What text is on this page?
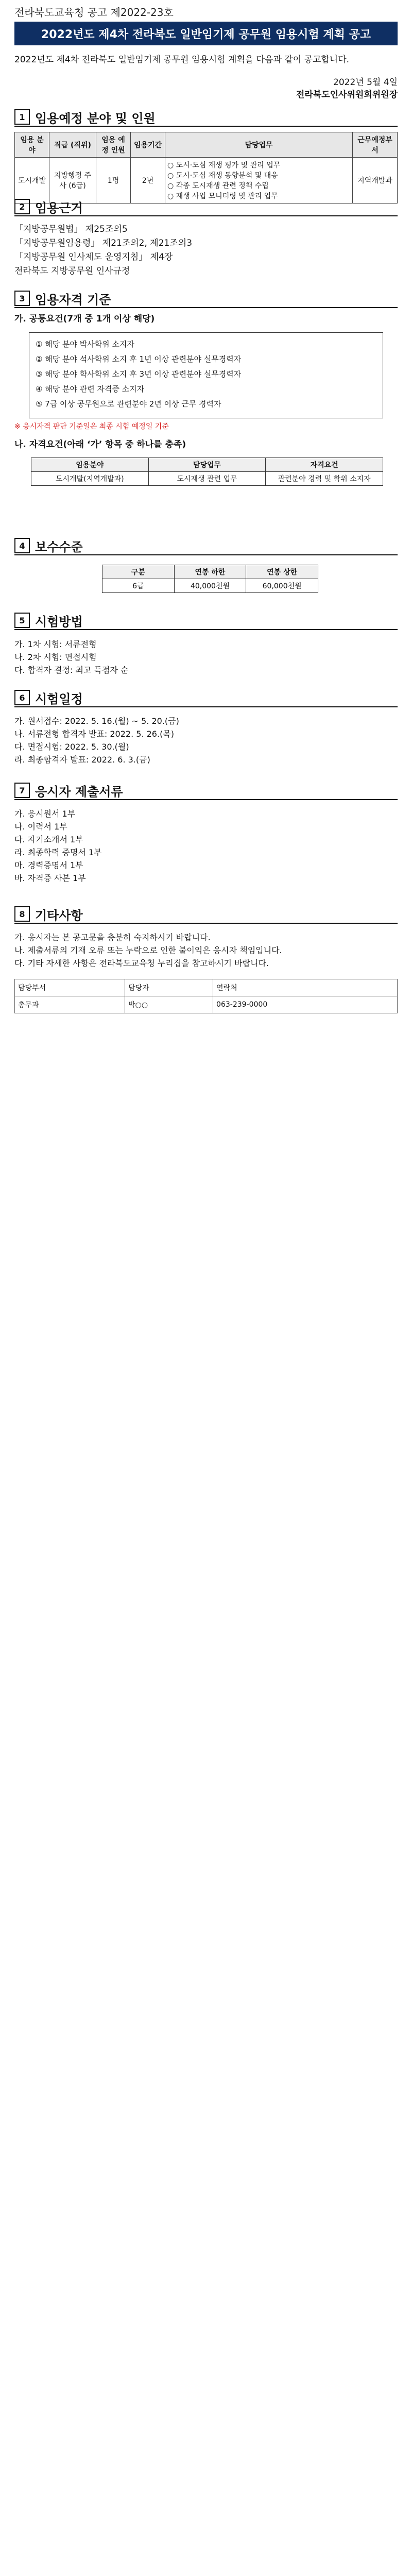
전라북도교육청 공고 제2022-23호
2022년도 제4차 전라북도 일반임기제 공무원 임용시험 계획 공고
2022년도 제4차 전라북도 일반임기제 공무원 임용시험 계획을 다음과 같이 공고합니다.
2022년 5월 4일
전라북도인사위원회위원장
1 임용예정 분야 및 인원
임용 분야	직급 (직위)	임용 예정 인원	임용기간	담당업무	근무예정부서
도시개발	지방행정 주사 (6급)	1명	2년	○ 도시·도심 재생 평가 및 관리 업무
○ 도시·도심 재생 동향분석 및 대응
○ 각종 도시재생 관련 정책 수립
○ 재생 사업 모니터링 및 관리 업무	지역개발과
2 임용근거
「지방공무원법」 제25조의5
「지방공무원임용령」 제21조의2, 제21조의3
「지방공무원 인사제도 운영지침」 제4장
전라북도 지방공무원 인사규정
3 임용자격 기준
가. 공통요건(7개 중 1개 이상 해당)
① 해당 분야 박사학위 소지자
② 해당 분야 석사학위 소지 후 1년 이상 관련분야 실무경력자
③ 해당 분야 학사학위 소지 후 3년 이상 관련분야 실무경력자
④ 해당 분야 관련 자격증 소지자
⑤ 7급 이상 공무원으로 관련분야 2년 이상 근무 경력자
※ 응시자격 판단 기준일은 최종 시험 예정일 기준
나. 자격요건(아래 ‘가’ 항목 중 하나를 충족)
임용분야	담당업무	자격요건
도시개발(지역개발과)	도시재생 관련 업무	관련분야 경력 및 학위 소지자
4 보수수준
구분	연봉 하한	연봉 상한
6급	40,000천원	60,000천원
5 시험방법
가. 1차 시험: 서류전형
나. 2차 시험: 면접시험
다. 합격자 결정: 최고 득점자 순
6 시험일정
가. 원서접수: 2022. 5. 16.(월) ~ 5. 20.(금)
나. 서류전형 합격자 발표: 2022. 5. 26.(목)
다. 면접시험: 2022. 5. 30.(월)
라. 최종합격자 발표: 2022. 6. 3.(금)
7 응시자 제출서류
가. 응시원서 1부
나. 이력서 1부
다. 자기소개서 1부
라. 최종학력 증명서 1부
마. 경력증명서 1부
바. 자격증 사본 1부
8 기타사항
가. 응시자는 본 공고문을 충분히 숙지하시기 바랍니다.
나. 제출서류의 기재 오류 또는 누락으로 인한 불이익은 응시자 책임입니다.
다. 기타 자세한 사항은 전라북도교육청 누리집을 참고하시기 바랍니다.
담당부서	담당자	연락처
총무과	박○○	063-239-0000
